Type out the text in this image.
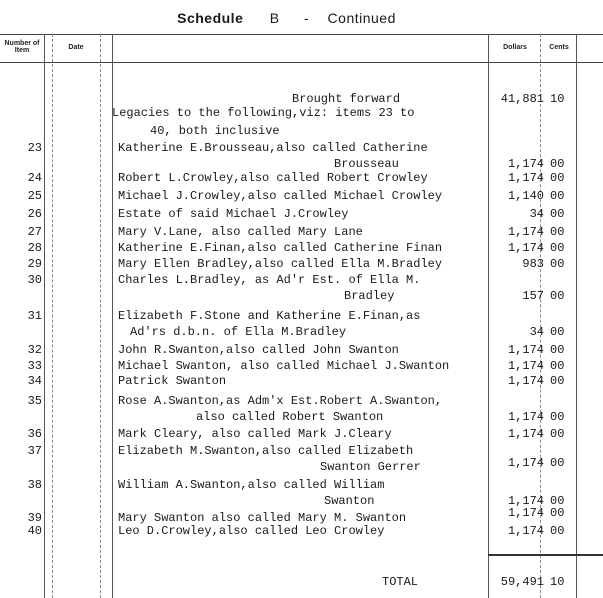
Schedule B - Continued
Number of Item	Date	Dollars	Cents
Brought forward	41,881 10
Legacies to the following,viz: items 23 to
40, both inclusive
23	Katherine E.Brousseau,also called Catherine
Brousseau	1,174 00
24	Robert L.Crowley,also called Robert Crowley	1,174 00
25	Michael J.Crowley,also called Michael Crowley	1,140 00
26	Estate of said Michael J.Crowley	34 00
27	Mary V.Lane, also called Mary Lane	1,174 00
28	Katherine E.Finan,also called Catherine Finan	1,174 00
29	Mary Ellen Bradley,also called Ella M.Bradley	983 00
30	Charles L.Bradley, as Ad'r Est. of Ella M.
Bradley	157 00
31	Elizabeth F.Stone and Katherine E.Finan,as
Ad'rs d.b.n. of Ella M.Bradley	34 00
32	John R.Swanton,also called John Swanton	1,174 00
33	Michael Swanton, also called Michael J.Swanton	1,174 00
34	Patrick Swanton	1,174 00
35	Rose A.Swanton,as Adm'x Est.Robert A.Swanton,
also called Robert Swanton	1,174 00
36	Mark Cleary, also called Mark J.Cleary	1,174 00
37	Elizabeth M.Swanton,also called Elizabeth
Swanton Gerrer	1,174 00
38	William A.Swanton,also called William
Swanton	1,174 00
39	Mary Swanton also called Mary M. Swanton	1,174 00
40	Leo D.Crowley,also called Leo Crowley	1,174 00
TOTAL	59,491 10
